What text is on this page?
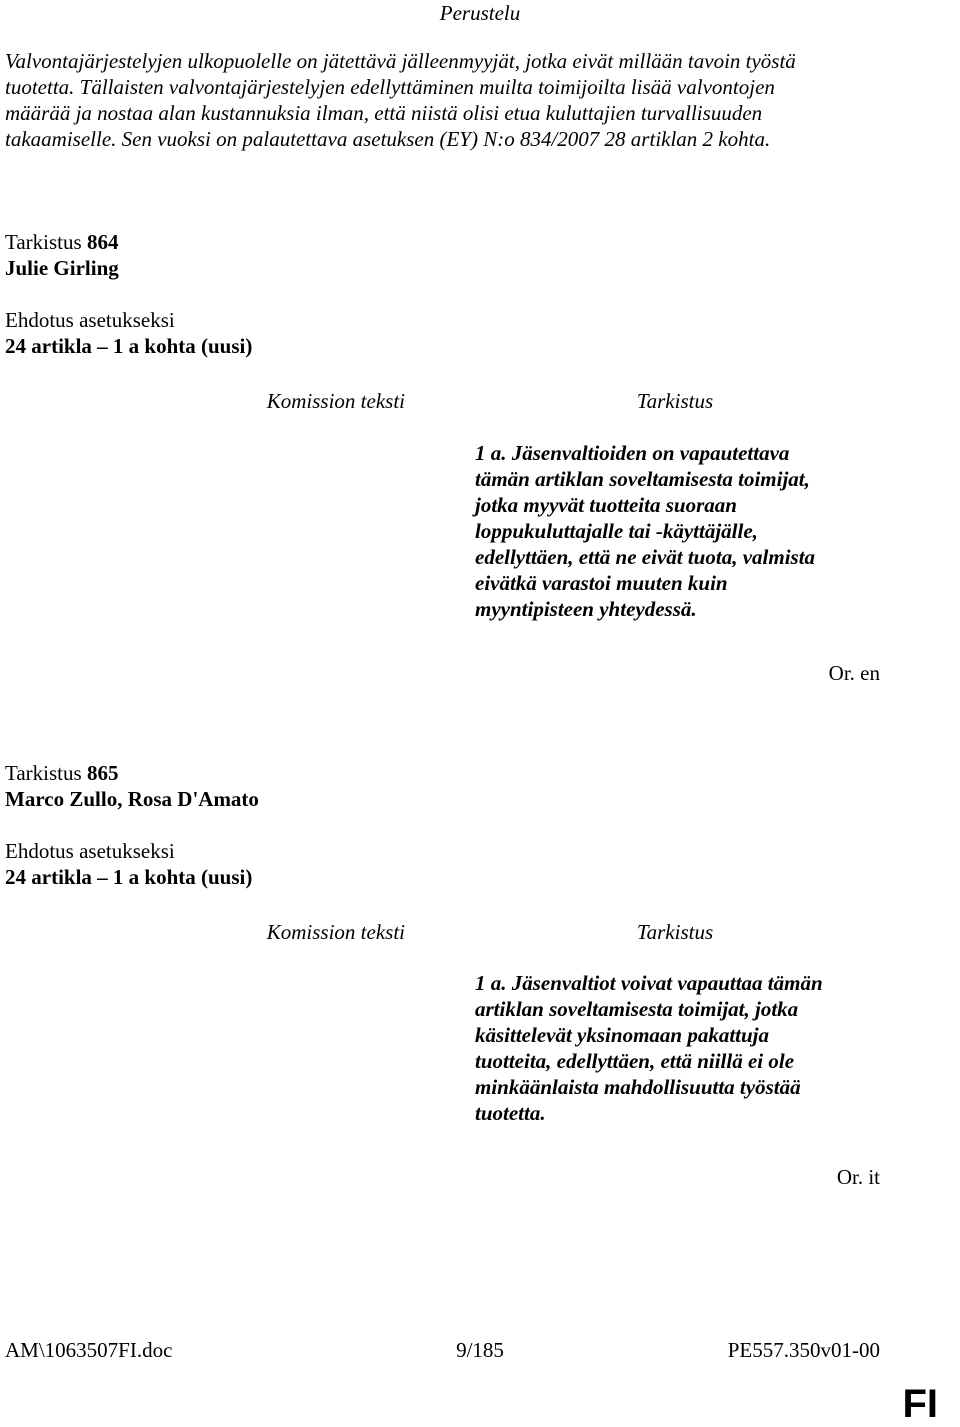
Perustelu
Valvontajärjestelyjen ulkopuolelle on jätettävä jälleenmyyjät, jotka eivät millään tavoin työstä
tuotetta. Tällaisten valvontajärjestelyjen edellyttäminen muilta toimijoilta lisää valvontojen
määrää ja nostaa alan kustannuksia ilman, että niistä olisi etua kuluttajien turvallisuuden
takaamiselle. Sen vuoksi on palautettava asetuksen (EY) N:o 834/2007 28 artiklan 2 kohta.
Tarkistus 864
Julie Girling
Ehdotus asetukseksi
24 artikla – 1 a kohta (uusi)
Komission teksti	Tarkistus
1 a. Jäsenvaltioiden on vapautettava
tämän artiklan soveltamisesta toimijat,
jotka myyvät tuotteita suoraan
loppukuluttajalle tai -käyttäjälle,
edellyttäen, että ne eivät tuota, valmista
eivätkä varastoi muuten kuin
myyntipisteen yhteydessä.
Or. en
Tarkistus 865
Marco Zullo, Rosa D'Amato
Ehdotus asetukseksi
24 artikla – 1 a kohta (uusi)
Komission teksti	Tarkistus
1 a. Jäsenvaltiot voivat vapauttaa tämän
artiklan soveltamisesta toimijat, jotka
käsittelevät yksinomaan pakattuja
tuotteita, edellyttäen, että niillä ei ole
minkäänlaista mahdollisuutta työstää
tuotetta.
Or. it
AM\1063507FI.doc	9/185	PE557.350v01-00
FI
